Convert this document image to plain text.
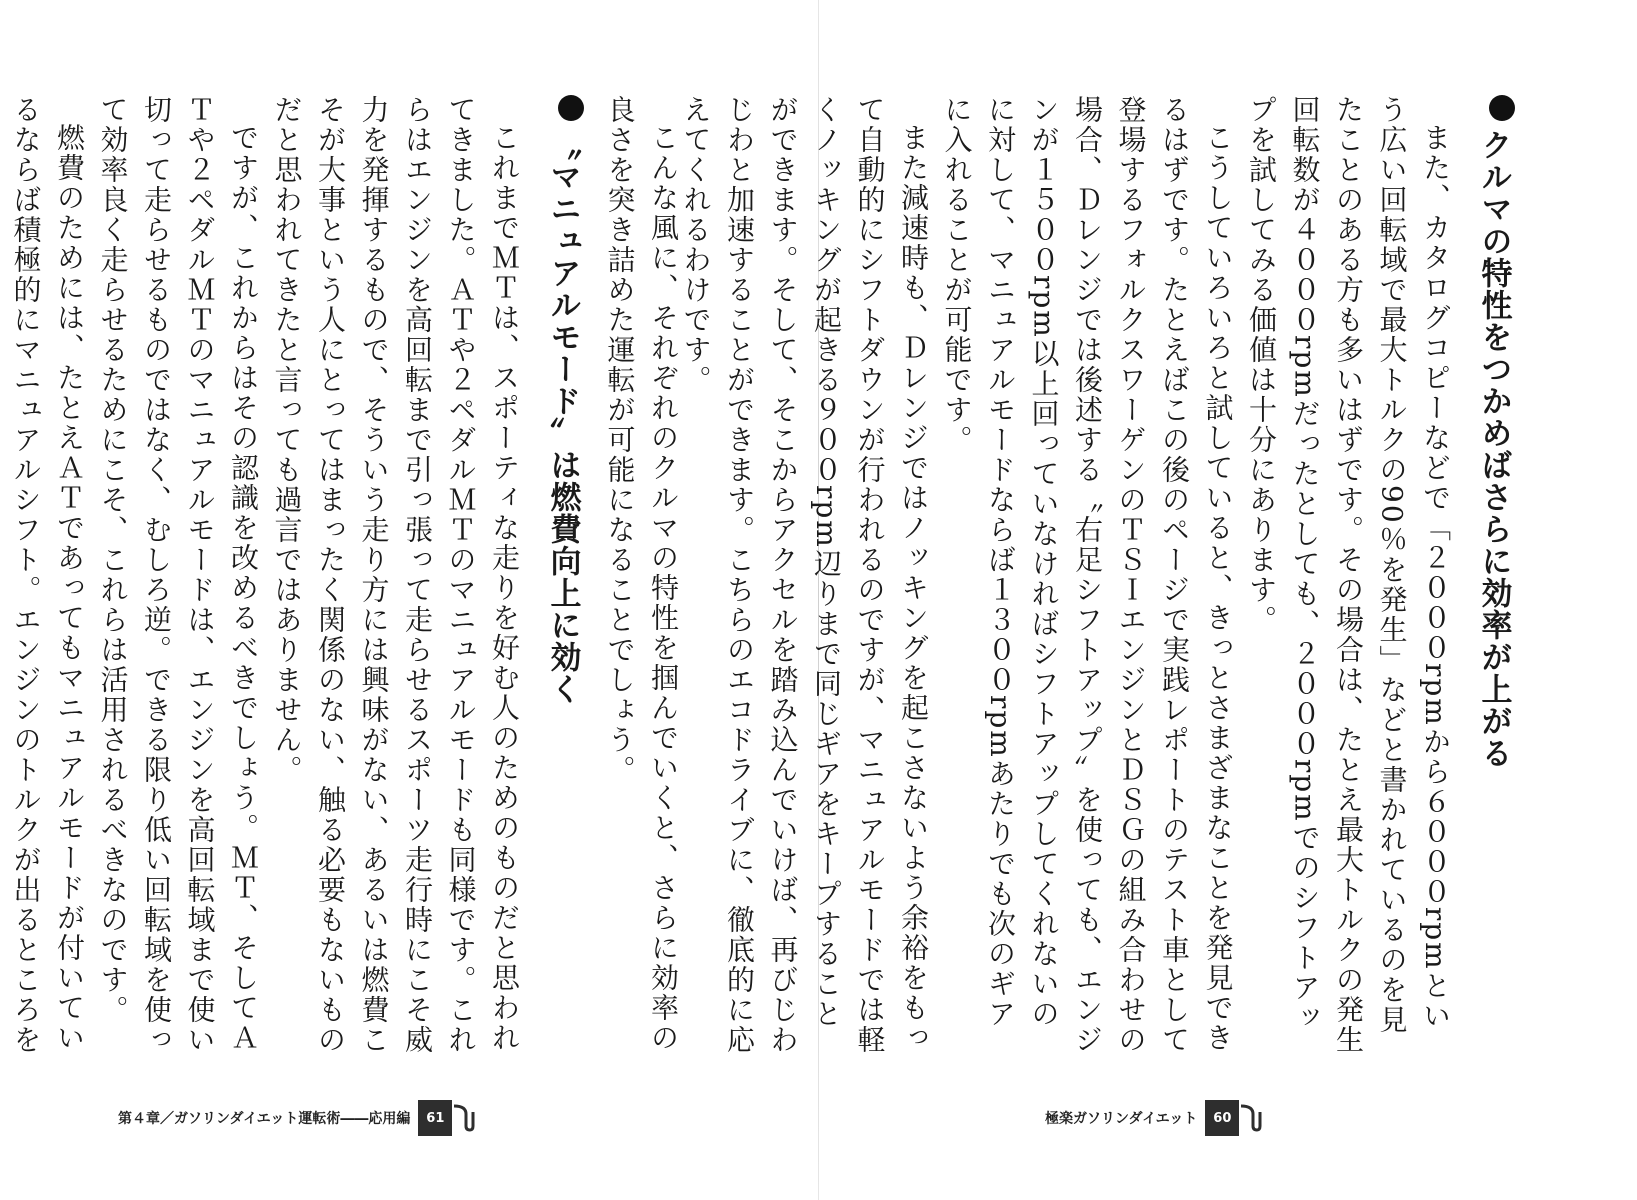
こんな風に、それぞれのクルマの特性を掴んでいくと、さらに効率の良さを突き詰めた運転が可能になることでしょう。

〝マニュアルモード〟は燃費向上に効く

これまでＭＴは、スポーティな走りを好む人のためのものだと思われてきました。ＡＴや２ペダルＭＴのマニュアルモードも同様です。これらはエンジンを高回転まで引っ張って走らせるスポーツ走行時にこそ威力を発揮するもので、そういう走り方には興味がない、あるいは燃費こそが大事という人にとってはまったく関係のない、触る必要もないものだと思われてきたと言っても過言ではありません。

ですが、これからはその認識を改めるべきでしょう。ＭＴ、そしてＡＴや２ペダルＭＴのマニュアルモードは、エンジンを高回転域まで使い切って走らせるものではなく、むしろ逆。できる限り低い回転域を使って効率良く走らせるためにこそ、これらは活用されるべきなのです。

燃費のためには、たとえＡＴであってもマニュアルモードが付いているならば積極的にマニュアルシフト。エンジンのトルクが出るところを

第４章／ガソリンダイエット運転術――応用編	61
クルマの特性をつかめばさらに効率が上がる

また、カタログコピーなどで「２０００rpmから６０００rpmという広い回転域で最大トルクの90％を発生」などと書かれているのを見たことのある方も多いはずです。その場合は、たとえ最大トルクの発生回転数が４０００rpmだったとしても、２０００rpmでのシフトアップを試してみる価値は十分にあります。

こうしていろいろと試していると、きっとさまざまなことを発見できるはずです。たとえばこの後のページで実践レポートのテスト車として登場するフォルクスワーゲンのＴＳＩエンジンとＤＳＧの組み合わせの場合、Ｄレンジでは後述する〝右足シフトアップ〟を使っても、エンジンが１５００rpm以上回っていなければシフトアップしてくれないのに対して、マニュアルモードならば１３００rpmあたりでも次のギアに入れることが可能です。

また減速時も、Ｄレンジではノッキングを起こさないよう余裕をもって自動的にシフトダウンが行われるのですが、マニュアルモードでは軽くノッキングが起きる９００rpm辺りまで同じギアをキープすることができます。そして、そこからアクセルを踏み込んでいけば、再びじわじわと加速することができます。こちらのエコドライブに、徹底的に応えてくれるわけです。

極楽ガソリンダイエット	60
